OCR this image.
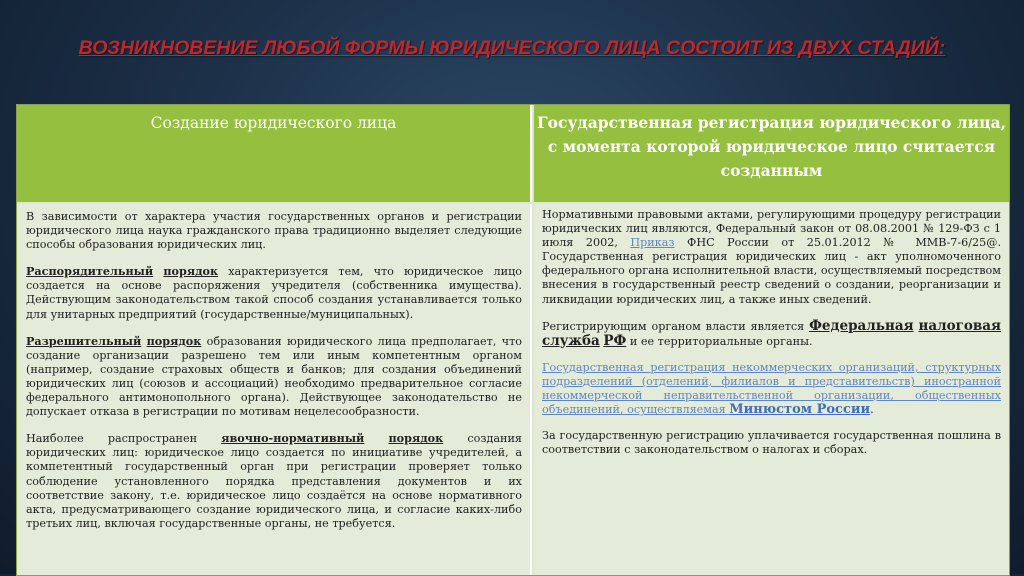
ВОЗНИКНОВЕНИЕ ЛЮБОЙ ФОРМЫ ЮРИДИЧЕСКОГО ЛИЦА СОСТОИТ ИЗ ДВУХ СТАДИЙ:
Создание юридического лица	Государственная регистрация юридического лица, с момента которой юридическое лицо считается созданным

В зависимости от характера участия государственных органов и регистрации юридического лица наука гражданского права традиционно выделяет следующие способы образования юридических лиц.

Распорядительный порядок характеризуется тем, что юридическое лицо создается на основе распоряжения учредителя (собственника имущества). Действующим законодательством такой способ создания устанавливается только для унитарных предприятий (государственные/муниципальных).

Разрешительный порядок образования юридического лица предполагает, что создание организации разрешено тем или иным компетентным органом (например, создание страховых обществ и банков; для создания объединений юридических лиц (союзов и ассоциаций) необходимо предварительное согласие федерального антимонопольного органа). Действующее законодательство не допускает отказа в регистрации по мотивам нецелесообразности.

Наиболее распространен явочно-нормативный порядок создания юридических лиц: юридическое лицо создается по инициативе учредителей, а компетентный государственный орган при регистрации проверяет только соблюдение установленного порядка представления документов и их соответствие закону, т.е. юридическое лицо создаётся на основе нормативного акта, предусматривающего создание юридического лица, и согласие каких-либо третьих лиц, включая государственные органы, не требуется.

Нормативными правовыми актами, регулирующими процедуру регистрации юридических лиц являются, Федеральный закон от 08.08.2001 № 129-ФЗ с 1 июля 2002, Приказ ФНС России от 25.01.2012 № ММВ-7-6/25@. Государственная регистрация юридических лиц - акт уполномоченного федерального органа исполнительной власти, осуществляемый посредством внесения в государственный реестр сведений о создании, реорганизации и ликвидации юридических лиц, а также иных сведений.

Регистрирующим органом власти является Федеральная налоговая служба РФ и ее территориальные органы.

Государственная регистрация некоммерческих организаций, структурных подразделений (отделений, филиалов и представительств) иностранной некоммерческой неправительственной организации, общественных объединений, осуществляемая Минюстом России.

За государственную регистрацию уплачивается государственная пошлина в соответствии с законодательством о налогах и сборах.
